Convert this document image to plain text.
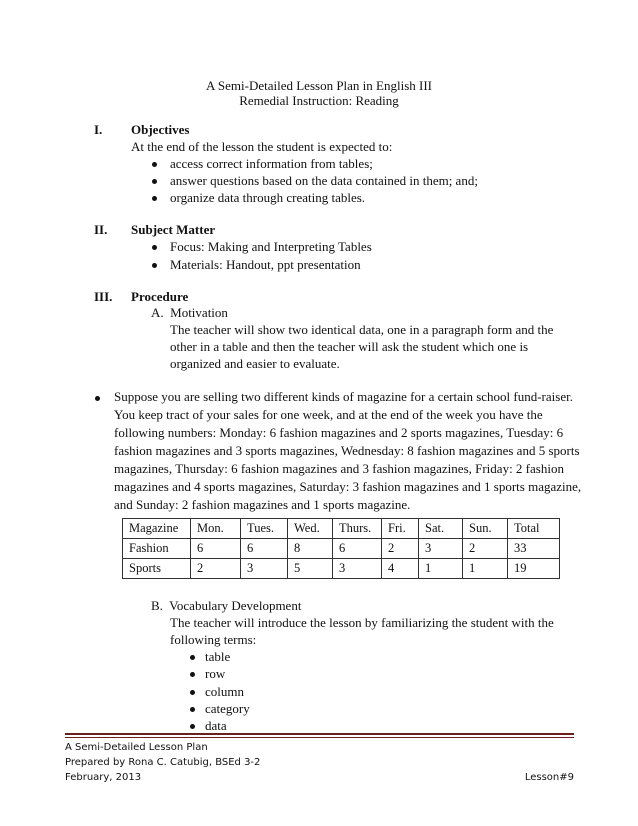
A Semi-Detailed Lesson Plan in English III
Remedial Instruction: Reading
I. Objectives
At the end of the lesson the student is expected to:
access correct information from tables;
answer questions based on the data contained in them; and;
organize data through creating tables.
II. Subject Matter
Focus: Making and Interpreting Tables
Materials: Handout, ppt presentation
III. Procedure
A.  Motivation
The teacher will show two identical data, one in a paragraph form and the
other in a table and then the teacher will ask the student which one is
organized and easier to evaluate.
Suppose you are selling two different kinds of magazine for a certain school fund-raiser.
You keep tract of your sales for one week, and at the end of the week you have the
following numbers: Monday: 6 fashion magazines and 2 sports magazines, Tuesday: 6
fashion magazines and 3 sports magazines, Wednesday: 8 fashion magazines and 5 sports
magazines, Thursday: 6 fashion magazines and 3 fashion magazines, Friday: 2 fashion
magazines and 4 sports magazines, Saturday: 3 fashion magazines and 1 sports magazine,
and Sunday: 2 fashion magazines and 1 sports magazine.
Magazine	Mon.	Tues.	Wed.	Thurs.	Fri.	Sat.	Sun.	Total
Fashion	6	6	8	6	2	3	2	33
Sports	2	3	5	3	4	1	1	19
B.  Vocabulary Development
The teacher will introduce the lesson by familiarizing the student with the
following terms:
table
row
column
category
data
A Semi-Detailed Lesson Plan
Prepared by Rona C. Catubig, BSEd 3-2
February, 2013	Lesson#9
